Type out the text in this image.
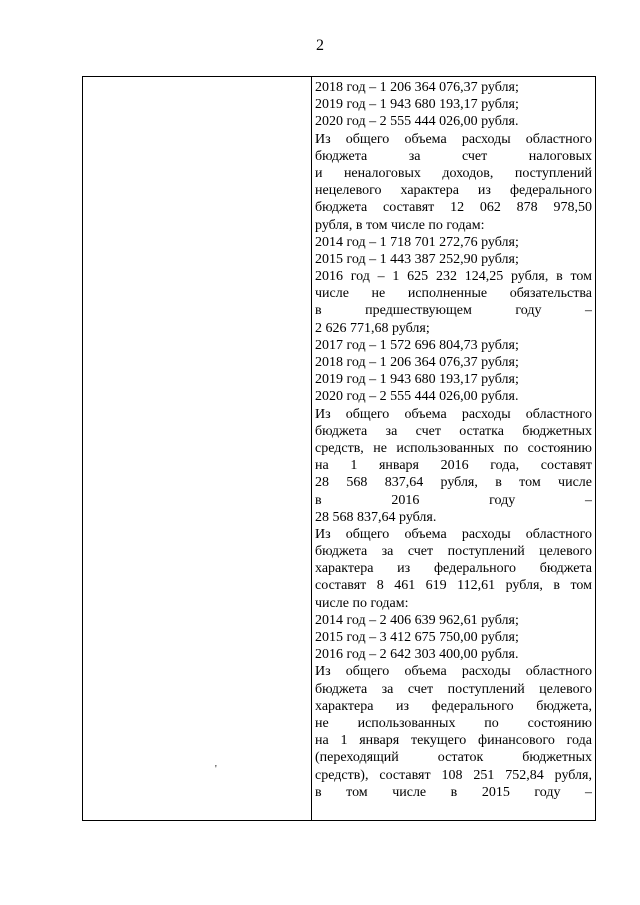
2
2018 год – 1 206 364 076,37 рубля;
2019 год – 1 943 680 193,17 рубля;
2020 год – 2 555 444 026,00 рубля.
Из общего объема расходы областного
бюджета за счет налоговых
и неналоговых доходов, поступлений
нецелевого характера из федерального
бюджета составят 12 062 878 978,50
рубля, в том числе по годам:
2014 год – 1 718 701 272,76 рубля;
2015 год – 1 443 387 252,90 рубля;
2016 год – 1 625 232 124,25 рубля, в том
числе не исполненные обязательства
в предшествующем году –
2 626 771,68 рубля;
2017 год – 1 572 696 804,73 рубля;
2018 год – 1 206 364 076,37 рубля;
2019 год – 1 943 680 193,17 рубля;
2020 год – 2 555 444 026,00 рубля.
Из общего объема расходы областного
бюджета за счет остатка бюджетных
средств, не использованных по состоянию
на 1 января 2016 года, составят
28 568 837,64 рубля, в том числе
в 2016 году –
28 568 837,64 рубля.
Из общего объема расходы областного
бюджета за счет поступлений целевого
характера из федерального бюджета
составят 8 461 619 112,61 рубля, в том
числе по годам:
2014 год – 2 406 639 962,61 рубля;
2015 год – 3 412 675 750,00 рубля;
2016 год – 2 642 303 400,00 рубля.
Из общего объема расходы областного
бюджета за счет поступлений целевого
характера из федерального бюджета,
не использованных по состоянию
на 1 января текущего финансового года
(переходящий остаток бюджетных
средств), составят 108 251 752,84 рубля,
в том числе в 2015 году –
'
